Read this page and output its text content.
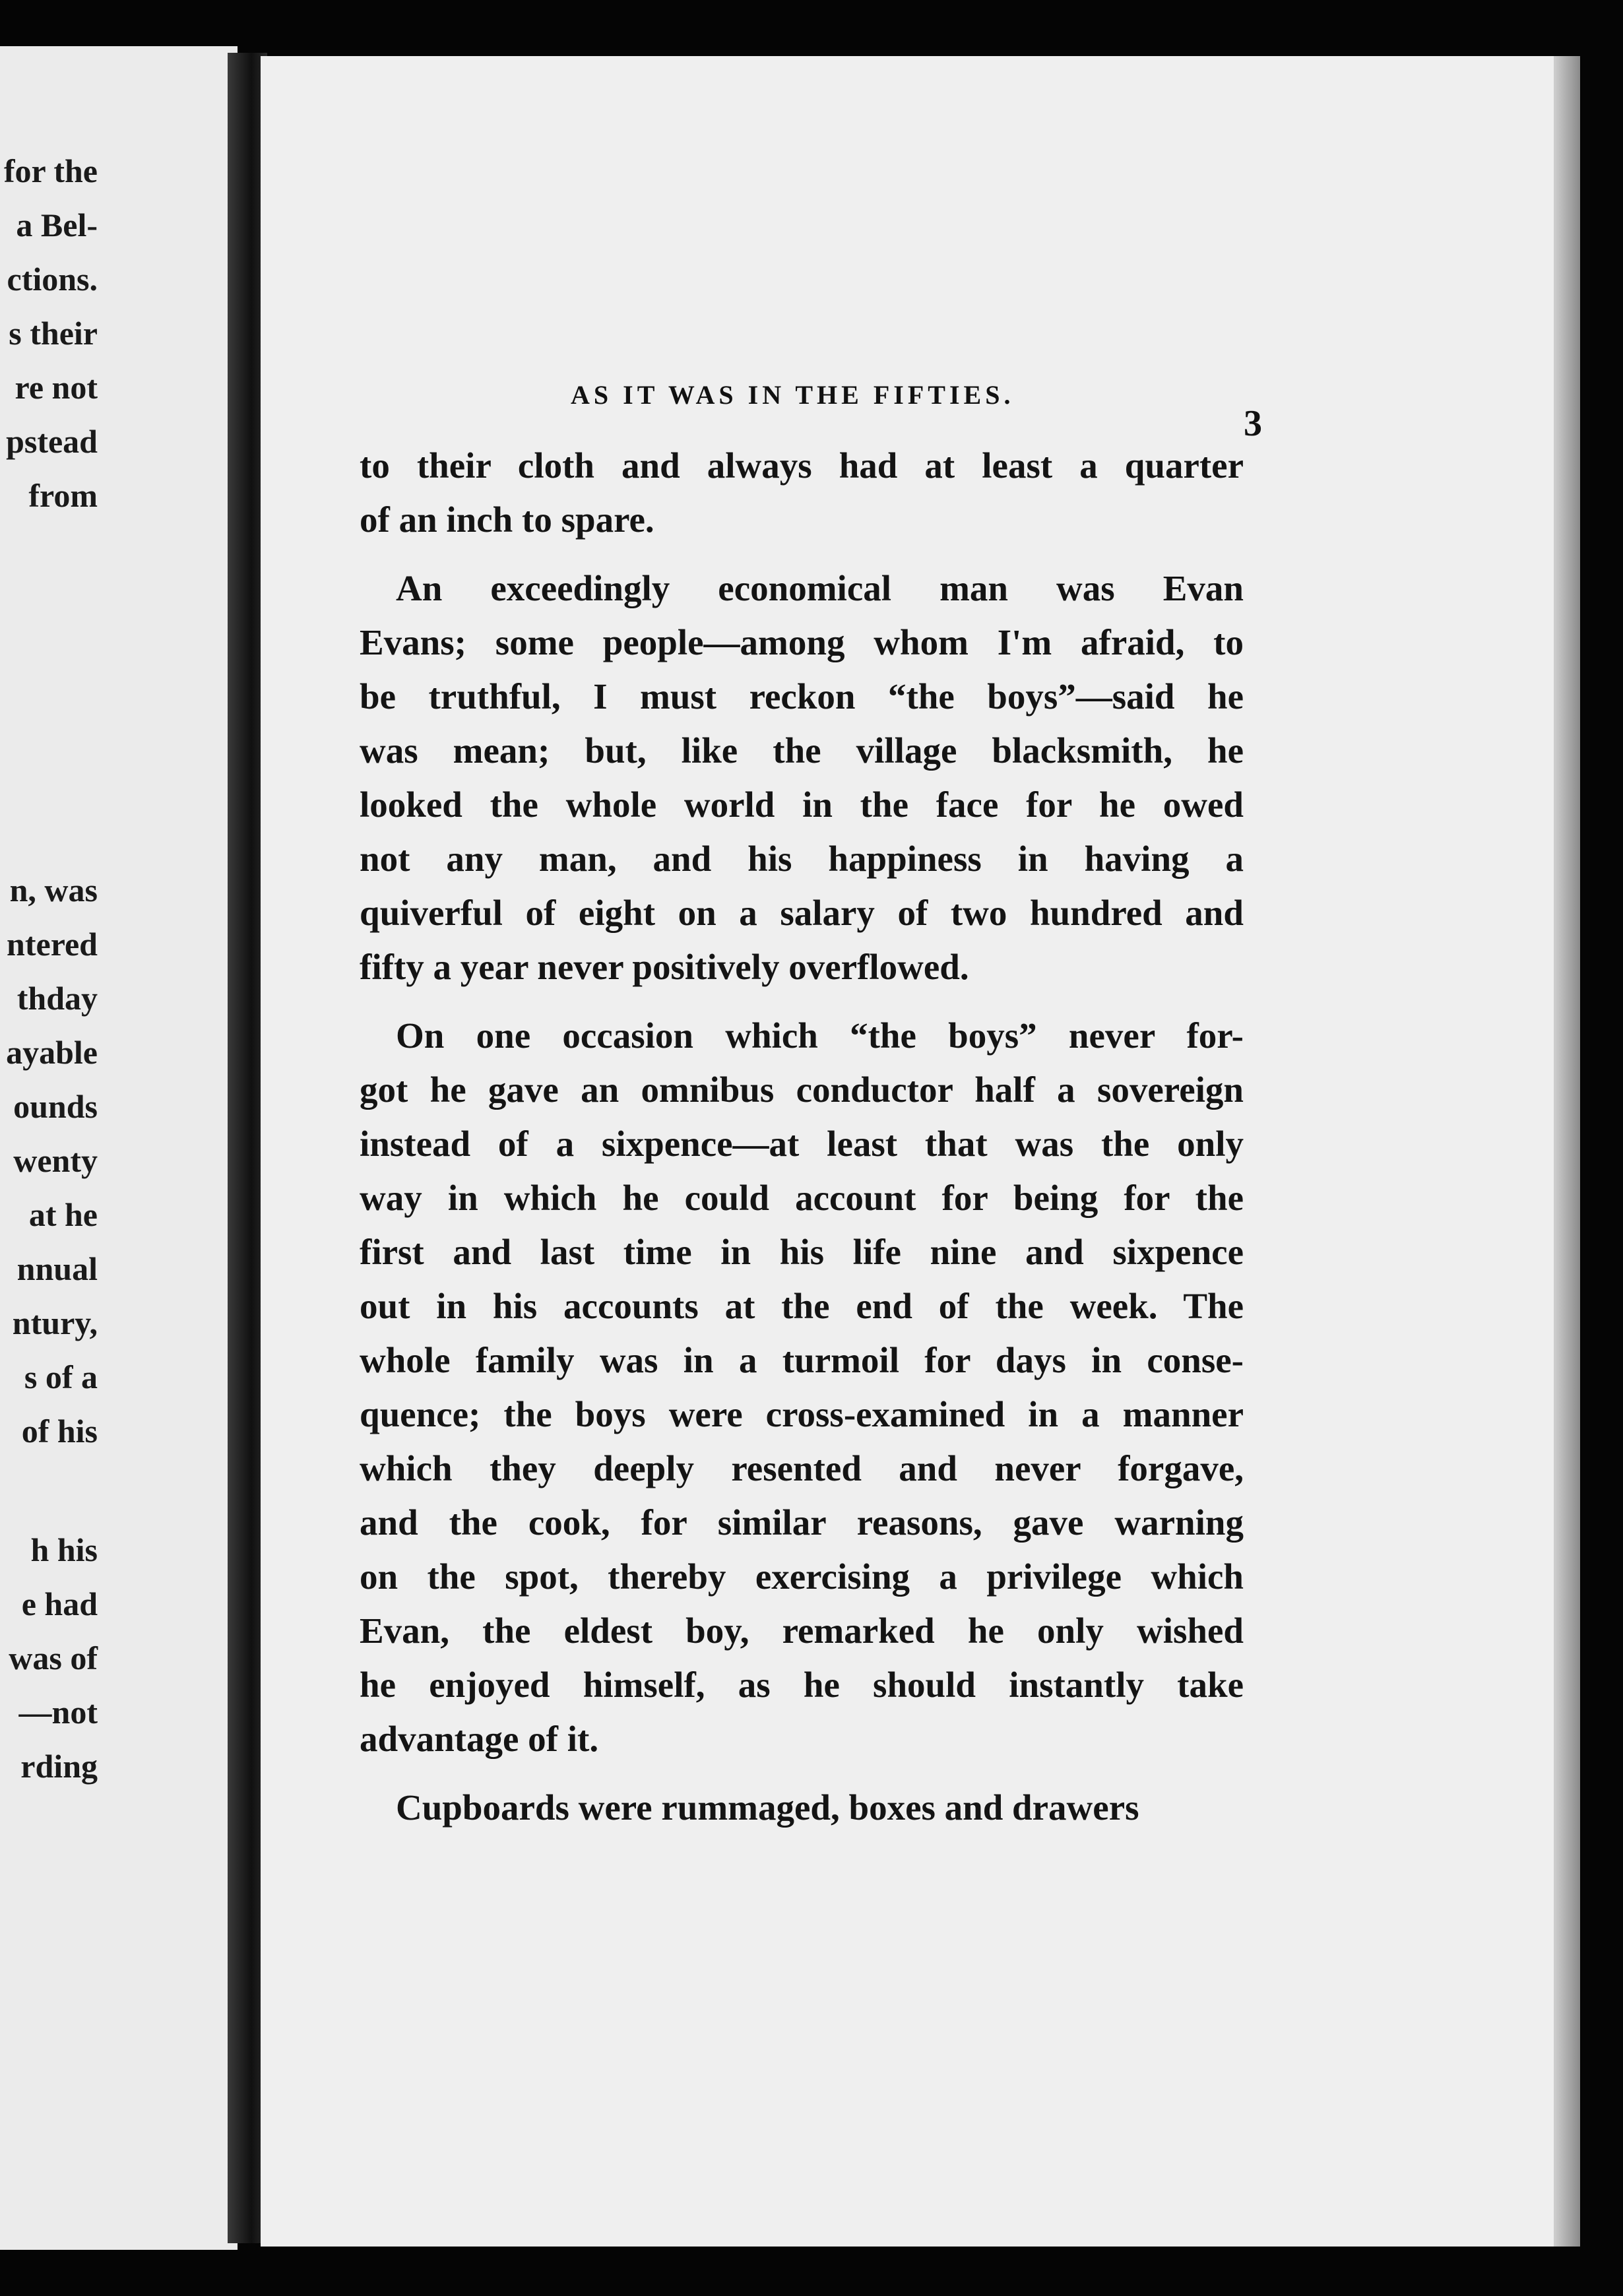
for the
a Bel-
ctions.
s their
re not
pstead
from
n, was
ntered
thday
ayable
ounds
wenty
at he
nnual
ntury,
s of a
of his
h his
e had
was of
—not
rding
AS IT WAS IN THE FIFTIES.
3
to their cloth and always had at least a quarter
of an inch to spare.
An exceedingly economical man was Evan
Evans; some people—among whom I'm afraid, to
be truthful, I must reckon “the boys”—said he
was mean; but, like the village blacksmith, he
looked the whole world in the face for he owed
not any man, and his happiness in having a
quiverful of eight on a salary of two hundred and
fifty a year never positively overflowed.
On one occasion which “the boys” never for-
got he gave an omnibus conductor half a sovereign
instead of a sixpence—at least that was the only
way in which he could account for being for the
first and last time in his life nine and sixpence
out in his accounts at the end of the week. The
whole family was in a turmoil for days in conse-
quence; the boys were cross-examined in a manner
which they deeply resented and never forgave,
and the cook, for similar reasons, gave warning
on the spot, thereby exercising a privilege which
Evan, the eldest boy, remarked he only wished
he enjoyed himself, as he should instantly take
advantage of it.
Cupboards were rummaged, boxes and drawers
